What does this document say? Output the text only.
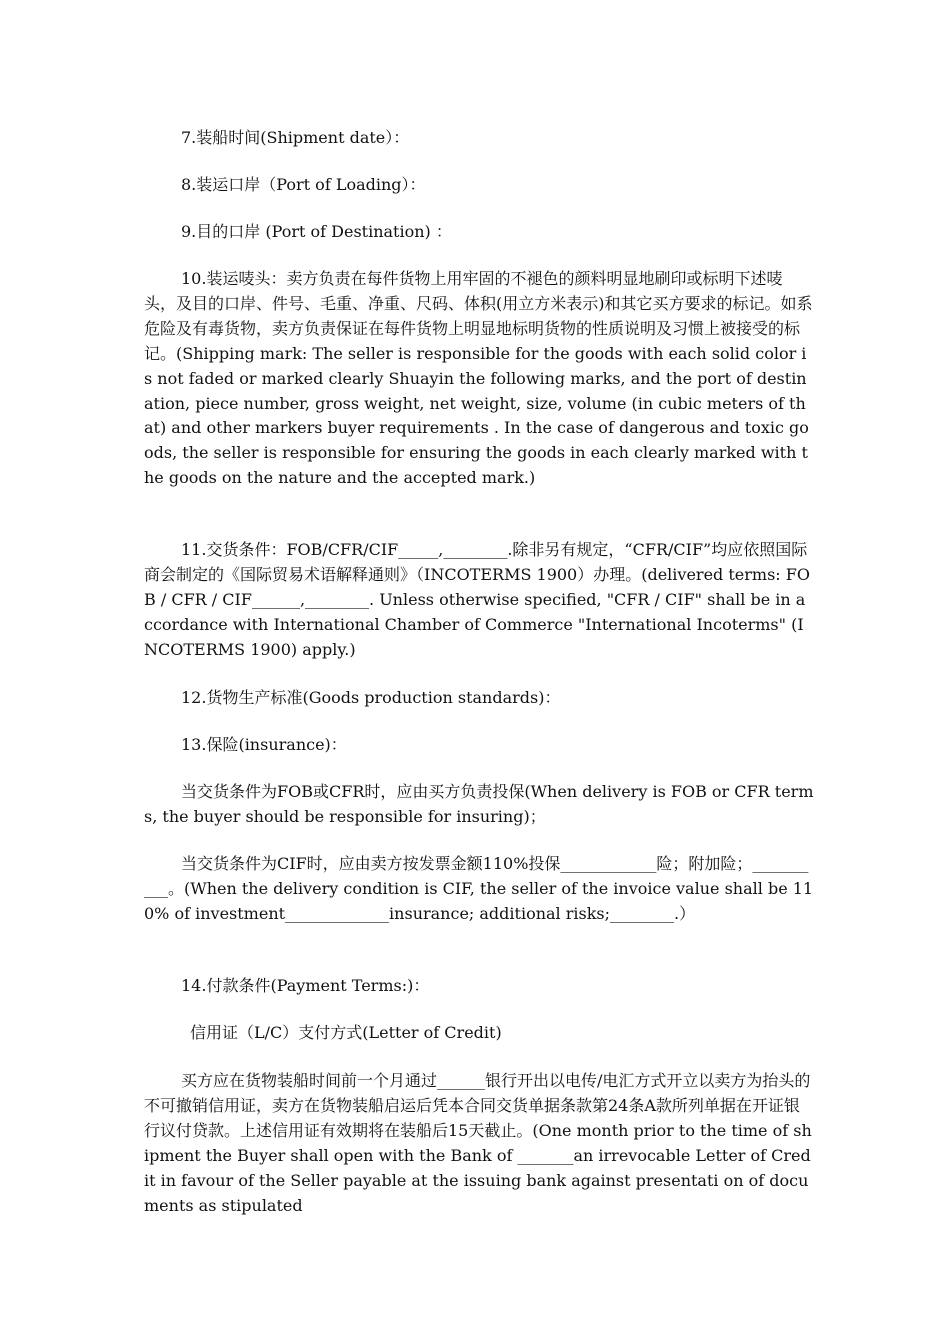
7.装船时间(Shipment date）：

8.装运口岸（Port of Loading）：

9.目的口岸 (Port of Destination) ：

10.装运唛头：卖方负责在每件货物上用牢固的不褪色的颜料明显地刷印或标明下述唛头，及目的口岸、件号、毛重、净重、尺码、体积(用立方米表示)和其它买方要求的标记。如系危险及有毒货物，卖方负责保证在每件货物上明显地标明货物的性质说明及习惯上被接受的标记。(Shipping mark: The seller is responsible for the goods with each solid color is not faded or marked clearly Shuayin the following marks, and the port of destination, piece number, gross weight, net weight, size, volume (in cubic meters of that) and other markers buyer requirements . In the case of dangerous and toxic goods, the seller is responsible for ensuring the goods in each clearly marked with the goods on the nature and the accepted mark.)

11.交货条件：FOB/CFR/CIF_____,________.除非另有规定，“CFR/CIF”均应依照国际商会制定的《国际贸易术语解释通则》（INCOTERMS 1900）办理。(delivered terms: FOB / CFR / CIF______,________. Unless otherwise specified, "CFR / CIF" shall be in accordance with International Chamber of Commerce "International Incoterms" (INCOTERMS 1900) apply.)

12.货物生产标准(Goods production standards)：

13.保险(insurance)：

当交货条件为FOB或CFR时，应由买方负责投保(When delivery is FOB or CFR terms, the buyer should be responsible for insuring)；

当交货条件为CIF时，应由卖方按发票金额110%投保____________险；附加险；__________。(When the delivery condition is CIF, the seller of the invoice value shall be 110% of investment_____________insurance; additional risks;________.）

14.付款条件(Payment Terms:)：

信用证（L/C）支付方式(Letter of Credit)

买方应在货物装船时间前一个月通过______银行开出以电传/电汇方式开立以卖方为抬头的不可撤销信用证，卖方在货物装船启运后凭本合同交货单据条款第24条A款所列单据在开证银行议付贷款。上述信用证有效期将在装船后15天截止。(One month prior to the time of shipment the Buyer shall open with the Bank of _______an irrevocable Letter of Credit in favour of the Seller payable at the issuing bank against presentati on of documents as stipulated
